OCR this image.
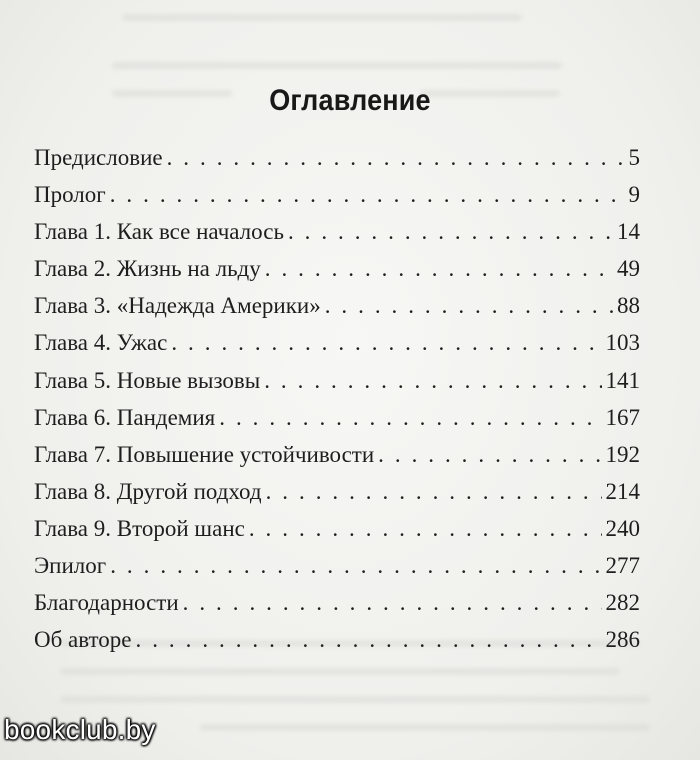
Оглавление
Предисловие . . .	5
Пролог . . .	9
Глава 1. Как все началось . . .	14
Глава 2. Жизнь на льду . . .	49
Глава 3. «Надежда Америки» . . .	88
Глава 4. Ужас . . .	103
Глава 5. Новые вызовы . . .	141
Глава 6. Пандемия . . .	167
Глава 7. Повышение устойчивости . . .	192
Глава 8. Другой подход . . .	214
Глава 9. Второй шанс . . .	240
Эпилог . . .	277
Благодарности . . .	282
Об авторе . . .	286
bookclub.by
